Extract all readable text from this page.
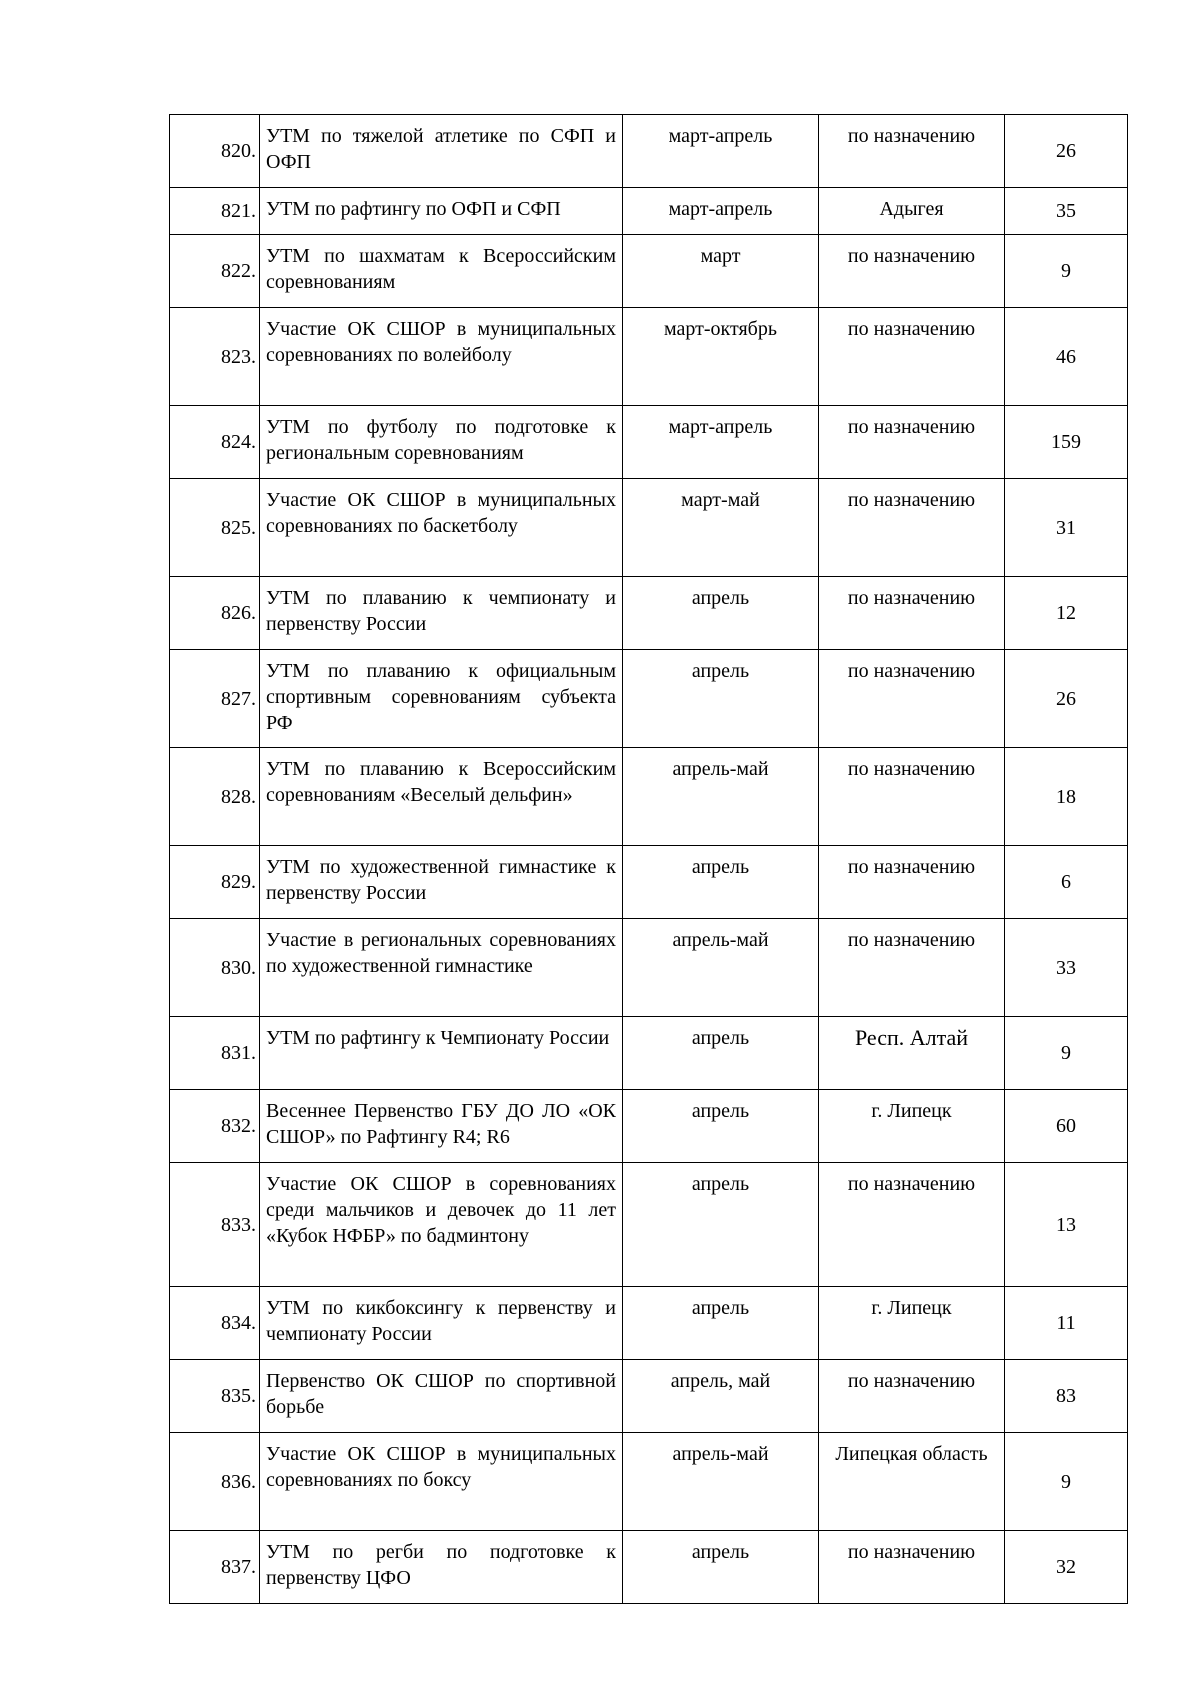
820.	УТМ по тяжелой атлетике по СФП и ОФП	март-апрель	по назначению	26
821.	УТМ по рафтингу по ОФП и СФП	март-апрель	Адыгея	35
822.	УТМ по шахматам к Всероссийским соревнованиям	март	по назначению	9
823.	Участие ОК СШОР в муниципальных соревнованиях по волейболу	март-октябрь	по назначению	46
824.	УТМ по футболу по подготовке к региональным соревнованиям	март-апрель	по назначению	159
825.	Участие ОК СШОР в муниципальных соревнованиях по баскетболу	март-май	по назначению	31
826.	УТМ по плаванию к чемпионату и первенству России	апрель	по назначению	12
827.	УТМ по плаванию к официальным спортивным соревнованиям субъекта РФ	апрель	по назначению	26
828.	УТМ по плаванию к Всероссийским соревнованиям «Веселый дельфин»	апрель-май	по назначению	18
829.	УТМ по художественной гимнастике к первенству России	апрель	по назначению	6
830.	Участие в региональных соревнованиях по художественной гимнастике	апрель-май	по назначению	33
831.	УТМ по рафтингу к Чемпионату России	апрель	Респ. Алтай	9
832.	Весеннее Первенство ГБУ ДО ЛО «ОК СШОР» по Рафтингу R4; R6	апрель	г. Липецк	60
833.	Участие ОК СШОР в соревнованиях среди мальчиков и девочек до 11 лет «Кубок НФБР» по бадминтону	апрель	по назначению	13
834.	УТМ по кикбоксингу к первенству и чемпионату России	апрель	г. Липецк	11
835.	Первенство ОК СШОР по спортивной борьбе	апрель, май	по назначению	83
836.	Участие ОК СШОР в муниципальных соревнованиях по боксу	апрель-май	Липецкая область	9
837.	УТМ по регби по подготовке к первенству ЦФО	апрель	по назначению	32
